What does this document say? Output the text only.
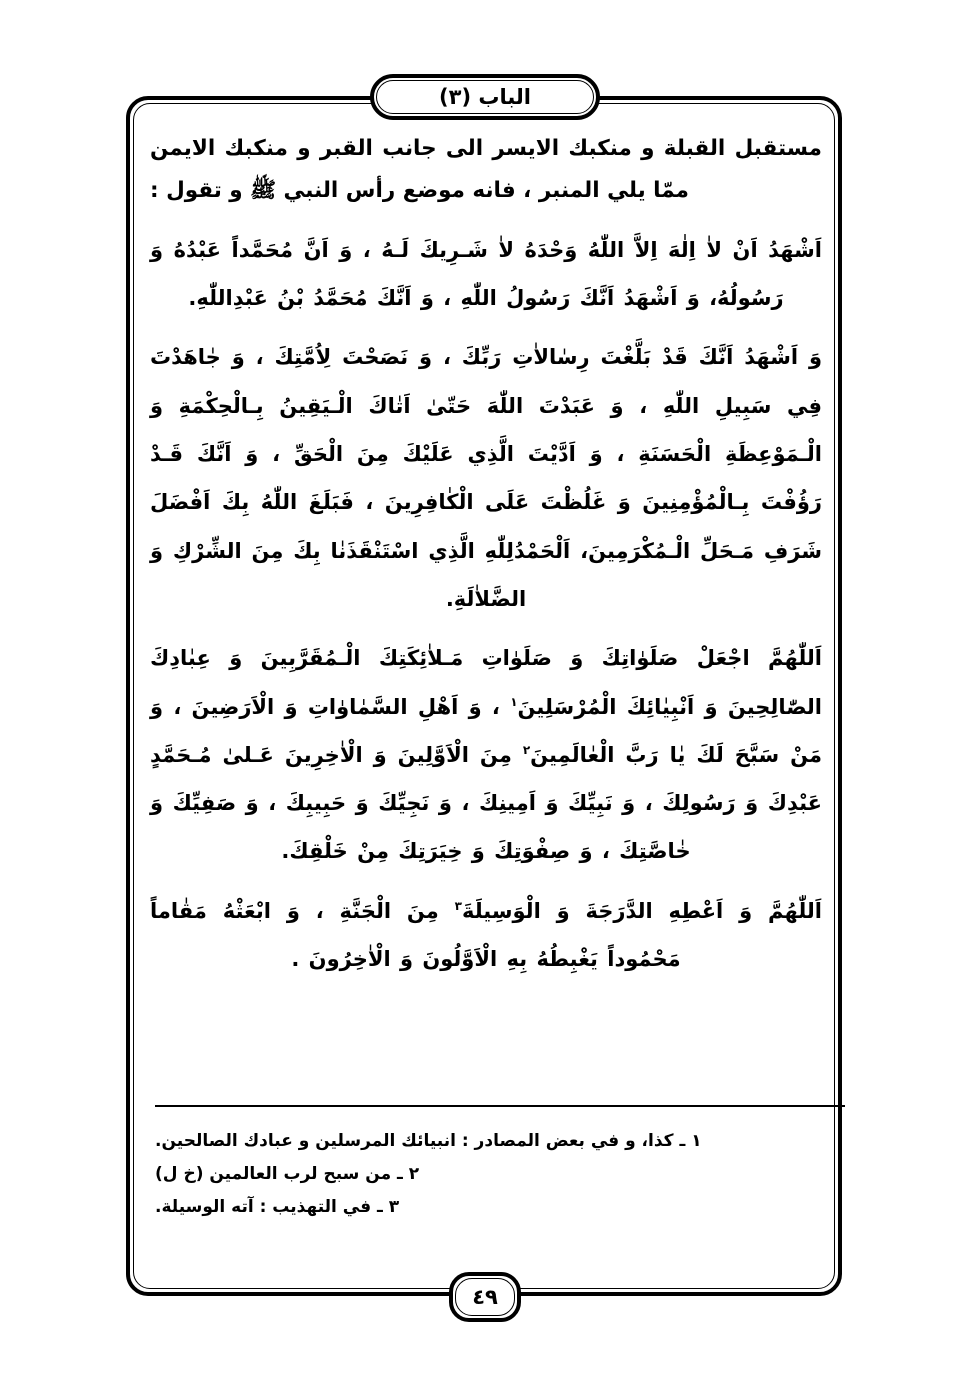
الباب (٣)

مستقبل القبلة و منكبك الايسر الى جانب القبر و منكبك الايمن ممّا يلي المنبر ، فانه موضع رأس النبي ﷺ و تقول :

اَشْهَدُ اَنْ لاٰ اِلٰهَ اِلاَّ اللّٰهُ وَحْدَهُ لاٰ شَـرِيكَ لَـهُ ، وَ اَنَّ مُحَمَّداً عَبْدُهُ وَ رَسُولُهُ، وَ اَشْهَدُ اَنَّكَ رَسُولُ اللّٰهِ ، وَ اَنَّكَ مُحَمَّدُ بْنُ عَبْدِاللّٰهِ.

وَ اَشْهَدُ اَنَّكَ قَدْ بَلَّغْتَ رِسٰالاٰتِ رَبِّكَ ، وَ نَصَحْتَ لِاُمَّتِكَ ، وَ جٰاهَدْتَ فِي سَبِيلِ اللّٰهِ ، وَ عَبَدْتَ اللّٰهَ حَتّىٰ اَتٰاكَ الْـيَقِينُ بِـالْحِكْمَةِ وَ الْـمَوْعِظَةِ الْحَسَنَةِ ، وَ اَدَّيْتَ الَّذِي عَلَيْكَ مِنَ الْحَقِّ ، وَ اَنَّكَ قَـدْ رَؤُفْتَ بِـالْمُؤْمِنِينَ وَ غَلُظْتَ عَلَى الْكٰافِرِينَ ، فَبَلَغَ اللّٰهُ بِكَ اَفْضَلَ شَرَفِ مَـحَلِّ الْـمُكْرَمِينَ، اَلْحَمْدُلِلّٰهِ الَّذِي اسْتَنْقَذَنٰا بِكَ مِنَ الشِّرْكِ وَ الضَّلاٰلَةِ.

اَللّٰهُمَّ اجْعَلْ صَلَوٰاتِكَ وَ صَلَوٰاتِ مَـلاٰئِكَتِكَ الْـمُقَرَّبِينَ وَ عِبٰادِكَ الصّٰالِحِينَ وَ اَنْبِيٰائِكَ الْمُرْسَلِينَ$^١$ ، وَ اَهْلِ السَّمٰاوٰاتِ وَ الْاَرَضِينَ ، وَ مَنْ سَبَّحَ لَكَ يٰا رَبَّ الْعٰالَمِينَ$^٢$ مِنَ الْاَوَّلِينَ وَ الْاٰخِرِينَ عَـلىٰ مُـحَمَّدٍ عَبْدِكَ وَ رَسُولِكَ ، وَ نَبِيِّكَ وَ اَمِينِكَ ، وَ نَجِيِّكَ وَ حَبِيبِكَ ، وَ صَفِيِّكَ وَ خٰاصَّتِكَ ، وَ صِفْوَتِكَ وَ خِيَرَتِكَ مِنْ خَلْقِكَ.

اَللّٰهُمَّ وَ اَعْطِهِ الدَّرَجَةَ وَ الْوَسِيلَةَ$^٣$ مِنَ الْجَنَّةِ ، وَ ابْعَثْهُ مَقٰاماً مَحْمُوداً يَغْبِطُهُ بِهِ الْاَوَّلُونَ وَ الْاٰخِرُونَ .

١ ـ كذا، و في بعض المصادر : انبيائك المرسلين و عبادك الصالحين.
٢ ـ من سبح لرب العالمين (خ ل)
٣ ـ في التهذيب : آته الوسيلة.
٤٩
